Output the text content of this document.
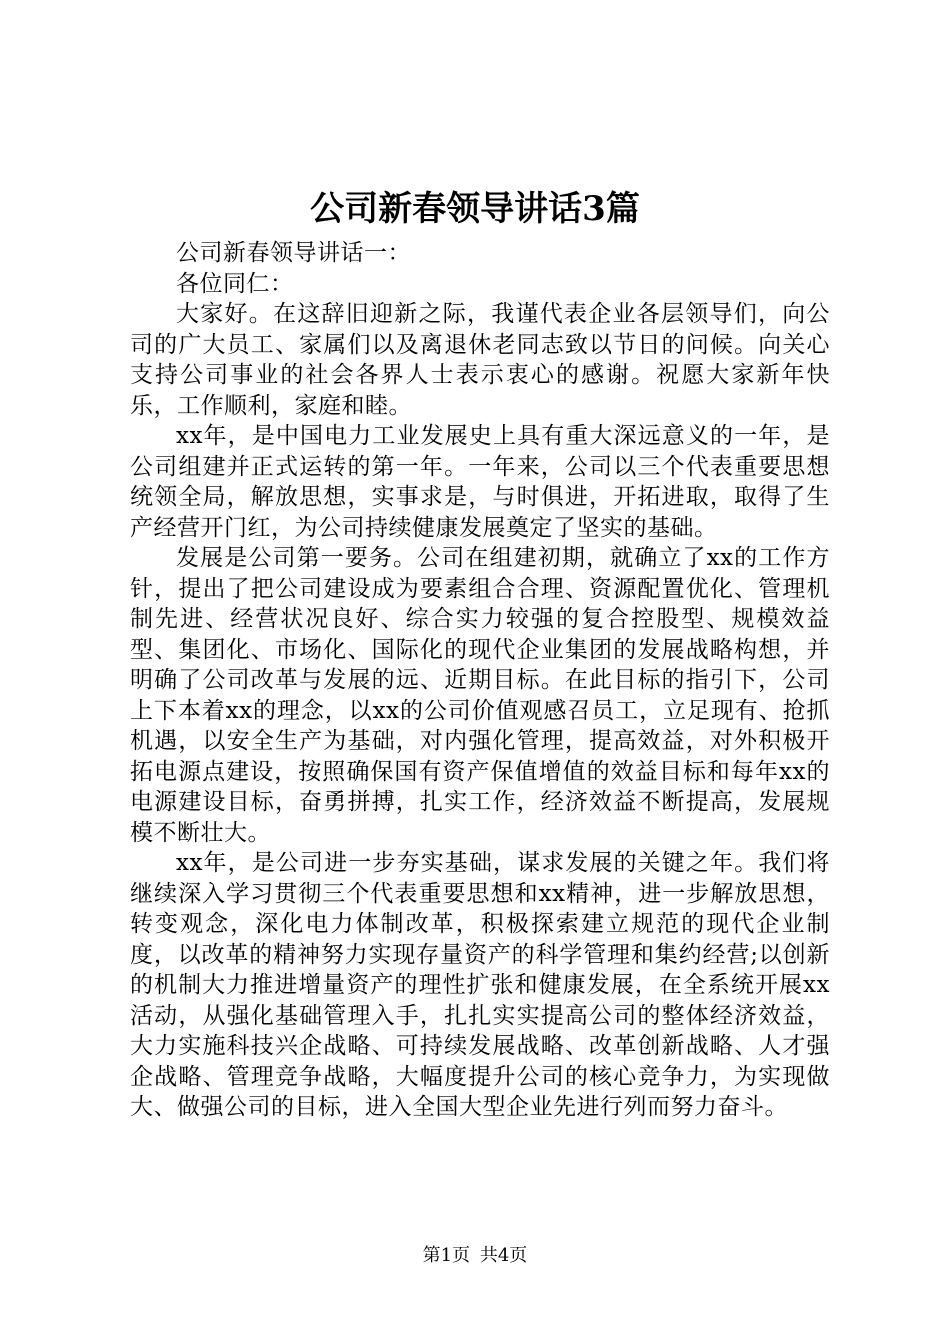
公司新春领导讲话3篇

公司新春领导讲话一：

各位同仁：

大家好。在这辞旧迎新之际，我谨代表企业各层领导们，向公司的广大员工、家属们以及离退休老同志致以节日的问候。向关心支持公司事业的社会各界人士表示衷心的感谢。祝愿大家新年快乐，工作顺利，家庭和睦。

xx年，是中国电力工业发展史上具有重大深远意义的一年，是公司组建并正式运转的第一年。一年来，公司以三个代表重要思想统领全局，解放思想，实事求是，与时俱进，开拓进取，取得了生产经营开门红，为公司持续健康发展奠定了坚实的基础。

发展是公司第一要务。公司在组建初期，就确立了xx的工作方针，提出了把公司建设成为要素组合合理、资源配置优化、管理机制先进、经营状况良好、综合实力较强的复合控股型、规模效益型、集团化、市场化、国际化的现代企业集团的发展战略构想，并明确了公司改革与发展的远、近期目标。在此目标的指引下，公司上下本着xx的理念，以xx的公司价值观感召员工，立足现有、抢抓机遇，以安全生产为基础，对内强化管理，提高效益，对外积极开拓电源点建设，按照确保国有资产保值增值的效益目标和每年xx的电源建设目标，奋勇拼搏，扎实工作，经济效益不断提高，发展规模不断壮大。

xx年，是公司进一步夯实基础，谋求发展的关键之年。我们将继续深入学习贯彻三个代表重要思想和xx精神，进一步解放思想，转变观念，深化电力体制改革，积极探索建立规范的现代企业制度，以改革的精神努力实现存量资产的科学管理和集约经营;以创新的机制大力推进增量资产的理性扩张和健康发展，在全系统开展xx活动，从强化基础管理入手，扎扎实实提高公司的整体经济效益，大力实施科技兴企战略、可持续发展战略、改革创新战略、人才强企战略、管理竞争战略，大幅度提升公司的核心竞争力，为实现做大、做强公司的目标，进入全国大型企业先进行列而努力奋斗。

第1页 共4页
